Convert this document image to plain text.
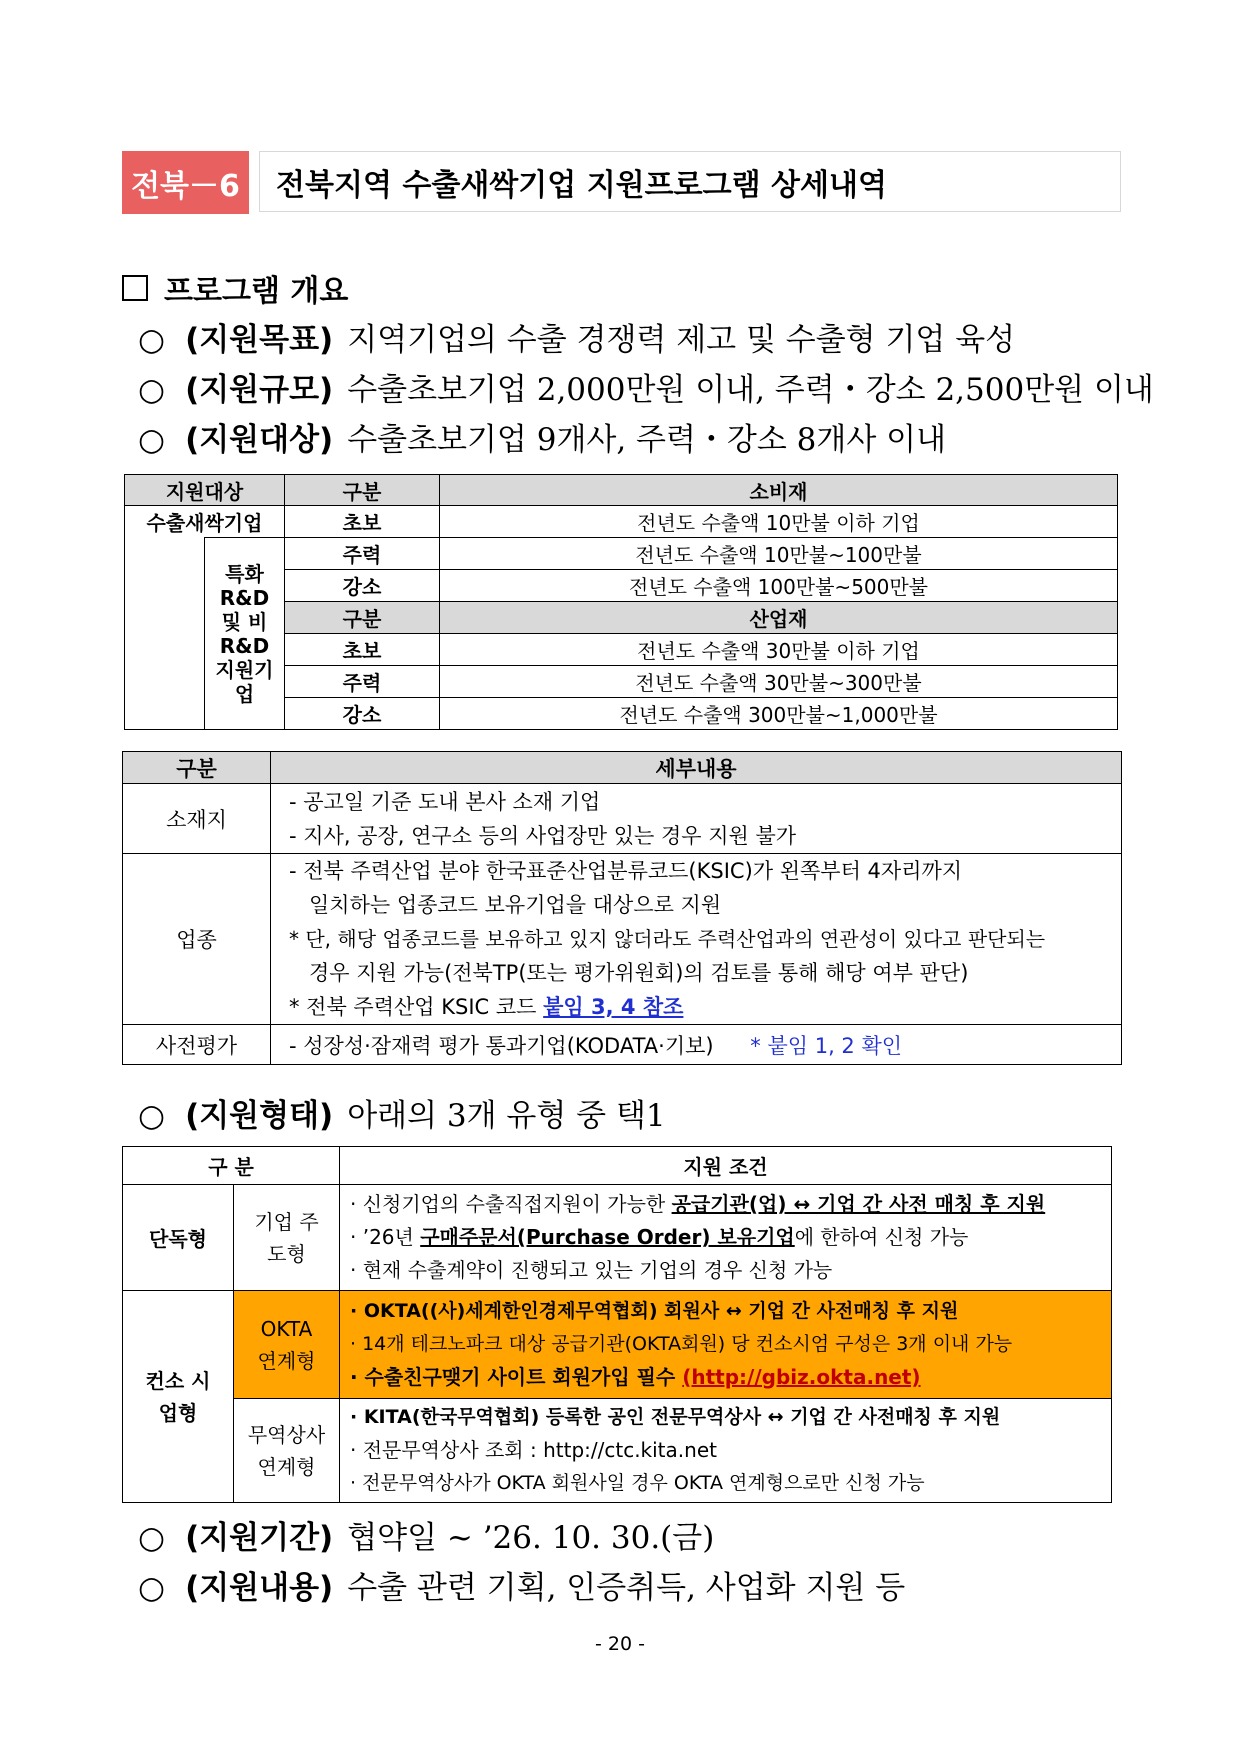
전북－6	전북지역 수출새싹기업 지원프로그램 상세내역
프로그램 개요
○ (지원목표) 지역기업의 수출 경쟁력 제고 및 수출형 기업 육성
○ (지원규모) 수출초보기업 2,000만원 이내, 주력・강소 2,500만원 이내
○ (지원대상) 수출초보기업 9개사, 주력・강소 8개사 이내
지원대상		구분	소비재
수출새싹기업		초보	전년도 수출액 10만불 이하 기업
	특화R&D 및 비R&D 지원기업	주력	전년도 수출액 10만불~100만불
		강소	전년도 수출액 100만불~500만불
		구분	산업재
		초보	전년도 수출액 30만불 이하 기업
		주력	전년도 수출액 30만불~300만불
		강소	전년도 수출액 300만불~1,000만불
구분	세부내용
소재지	- 공고일 기준 도내 본사 소재 기업
- 지사, 공장, 연구소 등의 사업장만 있는 경우 지원 불가

업종	- 전북 주력산업 분야 한국표준산업분류코드(KSIC)가 왼쪽부터 4자리까지
일치하는 업종코드 보유기업을 대상으로 지원
* 단, 해당 업종코드를 보유하고 있지 않더라도 주력산업과의 연관성이 있다고 판단되는
경우 지원 가능(전북TP(또는 평가위원회)의 검토를 통해 해당 여부 판단)
* 전북 주력산업 KSIC 코드 붙임 3, 4 참조

사전평가	- 성장성·잠재력 평가 통과기업(KODATA·기보) * 붙임 1, 2 확인
○ (지원형태) 아래의 3개 유형 중 택1
구 분		지원 조건
단독형	기업 주도형	· 신청기업의 수출직접지원이 가능한 공급기관(업) ↔ 기업 간 사전 매칭 후 지원
· ’26년 구매주문서(Purchase Order) 보유기업에 한하여 신청 가능
· 현재 수출계약이 진행되고 있는 기업의 경우 신청 가능

컨소 시업형	OKTA 연계형	· OKTA((사)세계한인경제무역협회) 회원사 ↔ 기업 간 사전매칭 후 지원
· 14개 테크노파크 대상 공급기관(OKTA회원) 당 컨소시엄 구성은 3개 이내 가능
· 수출친구맺기 사이트 회원가입 필수 (http://gbiz.okta.net)

	무역상사 연계형	· KITA(한국무역협회) 등록한 공인 전문무역상사 ↔ 기업 간 사전매칭 후 지원
· 전문무역상사 조회 : http://ctc.kita.net
· 전문무역상사가 OKTA 회원사일 경우 OKTA 연계형으로만 신청 가능
○ (지원기간) 협약일 ~ ’26. 10. 30.(금)
○ (지원내용) 수출 관련 기획, 인증취득, 사업화 지원 등
- 20 -
